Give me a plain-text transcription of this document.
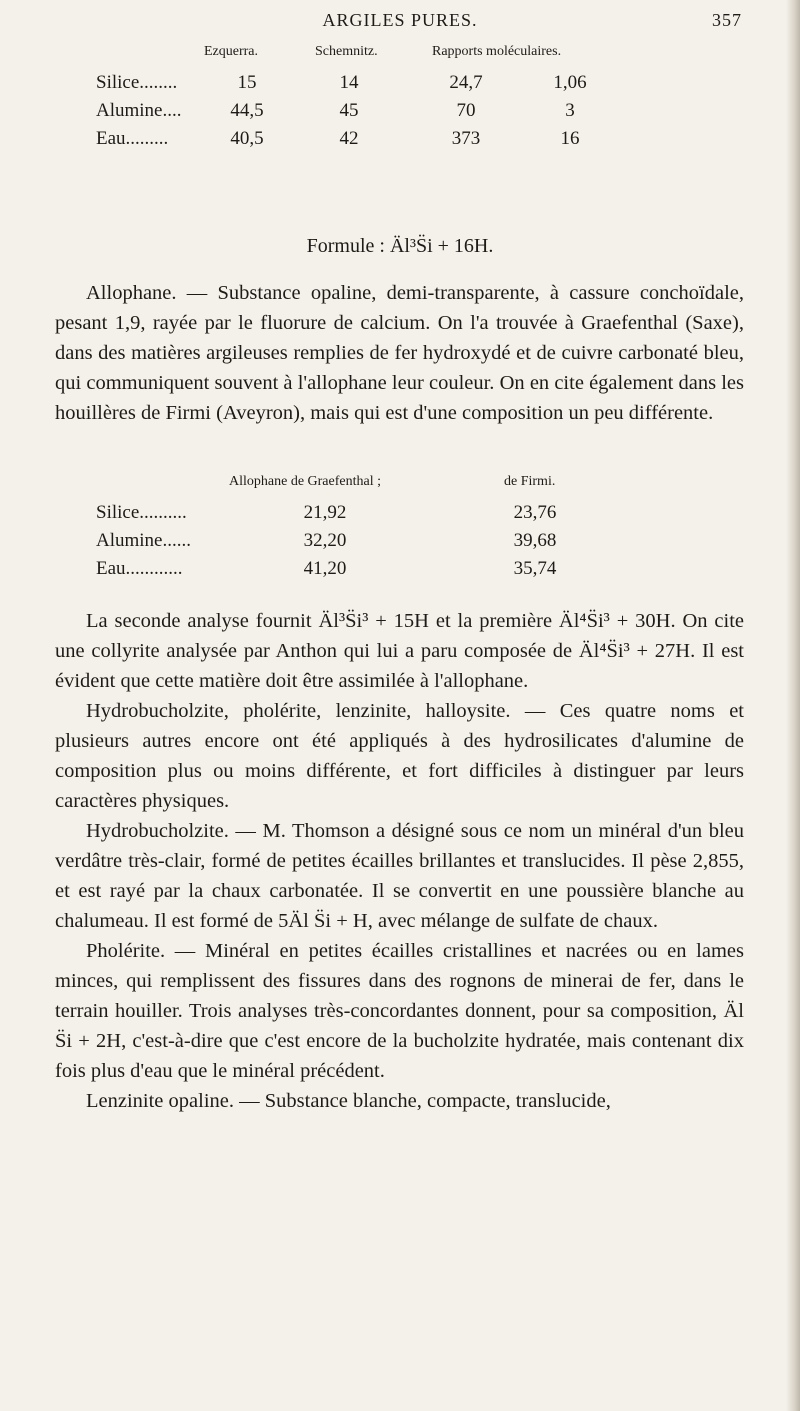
ARGILES PURES.	357
Ezquerra.	Schemnitz.	Rapports moléculaires.
Silice........	15	14	24,7	1,06
Alumine....	44,5	45	70	3
Eau.........	40,5	42	373	16
Formule : Äl³S̈i + 16H.

Allophane. — Substance opaline, demi-transparente, à cassure conchoïdale, pesant 1,9, rayée par le fluorure de calcium. On l'a trouvée à Graefenthal (Saxe), dans des matières argileuses remplies de fer hydroxydé et de cuivre carbonaté bleu, qui communiquent souvent à l'allophane leur couleur. On en cite également dans les houillères de Firmi (Aveyron), mais qui est d'une composition un peu différente.

Allophane de Graefenthal ;	de Firmi.
Silice..........	21,92	23,76
Alumine......	32,20	39,68
Eau............	41,20	35,74

La seconde analyse fournit Äl³S̈i³ + 15H et la première Äl⁴S̈i³ + 30H. On cite une collyrite analysée par Anthon qui lui a paru composée de Äl⁴S̈i³ + 27H. Il est évident que cette matière doit être assimilée à l'allophane.

Hydrobucholzite, pholérite, lenzinite, halloysite. — Ces quatre noms et plusieurs autres encore ont été appliqués à des hydrosilicates d'alumine de composition plus ou moins différente, et fort difficiles à distinguer par leurs caractères physiques.

Hydrobucholzite. — M. Thomson a désigné sous ce nom un minéral d'un bleu verdâtre très-clair, formé de petites écailles brillantes et translucides. Il pèse 2,855, et est rayé par la chaux carbonatée. Il se convertit en une poussière blanche au chalumeau. Il est formé de 5Äl S̈i + H, avec mélange de sulfate de chaux.

Pholérite. — Minéral en petites écailles cristallines et nacrées ou en lames minces, qui remplissent des fissures dans des rognons de minerai de fer, dans le terrain houiller. Trois analyses très-concordantes donnent, pour sa composition, Äl S̈i + 2H, c'est-à-dire que c'est encore de la bucholzite hydratée, mais contenant dix fois plus d'eau que le minéral précédent.

Lenzinite opaline. — Substance blanche, compacte, translucide,
